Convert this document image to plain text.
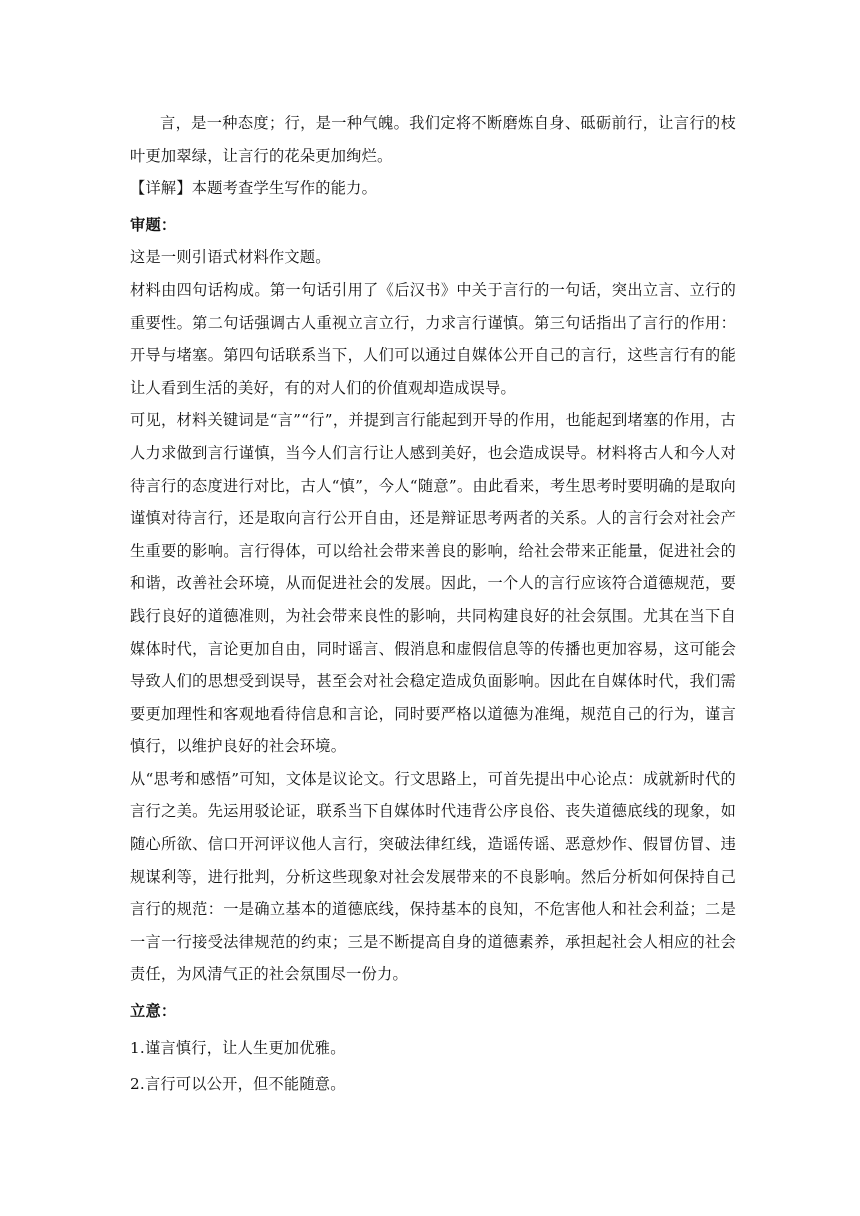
言，是一种态度；行，是一种气魄。我们定将不断磨炼自身、砥砺前行，让言行的枝叶更加翠绿，让言行的花朵更加绚烂。

【详解】本题考查学生写作的能力。

审题：

这是一则引语式材料作文题。

材料由四句话构成。第一句话引用了《后汉书》中关于言行的一句话，突出立言、立行的重要性。第二句话强调古人重视立言立行，力求言行谨慎。第三句话指出了言行的作用：开导与堵塞。第四句话联系当下，人们可以通过自媒体公开自己的言行，这些言行有的能让人看到生活的美好，有的对人们的价值观却造成误导。

可见，材料关键词是“言”“行”，并提到言行能起到开导的作用，也能起到堵塞的作用，古人力求做到言行谨慎，当今人们言行让人感到美好，也会造成误导。材料将古人和今人对待言行的态度进行对比，古人“慎”，今人“随意”。由此看来，考生思考时要明确的是取向谨慎对待言行，还是取向言行公开自由，还是辩证思考两者的关系。人的言行会对社会产生重要的影响。言行得体，可以给社会带来善良的影响，给社会带来正能量，促进社会的和谐，改善社会环境，从而促进社会的发展。因此，一个人的言行应该符合道德规范，要践行良好的道德准则，为社会带来良性的影响，共同构建良好的社会氛围。尤其在当下自媒体时代，言论更加自由，同时谣言、假消息和虚假信息等的传播也更加容易，这可能会导致人们的思想受到误导，甚至会对社会稳定造成负面影响。因此在自媒体时代，我们需要更加理性和客观地看待信息和言论，同时要严格以道德为准绳，规范自己的行为，谨言慎行，以维护良好的社会环境。

从“思考和感悟”可知，文体是议论文。行文思路上，可首先提出中心论点：成就新时代的言行之美。先运用驳论证，联系当下自媒体时代违背公序良俗、丧失道德底线的现象，如随心所欲、信口开河评议他人言行，突破法律红线，造谣传谣、恶意炒作、假冒仿冒、违规谋利等，进行批判，分析这些现象对社会发展带来的不良影响。然后分析如何保持自己言行的规范：一是确立基本的道德底线，保持基本的良知，不危害他人和社会利益；二是一言一行接受法律规范的约束；三是不断提高自身的道德素养，承担起社会人相应的社会责任，为风清气正的社会氛围尽一份力。

立意：

1.谨言慎行，让人生更加优雅。

2.言行可以公开，但不能随意。
